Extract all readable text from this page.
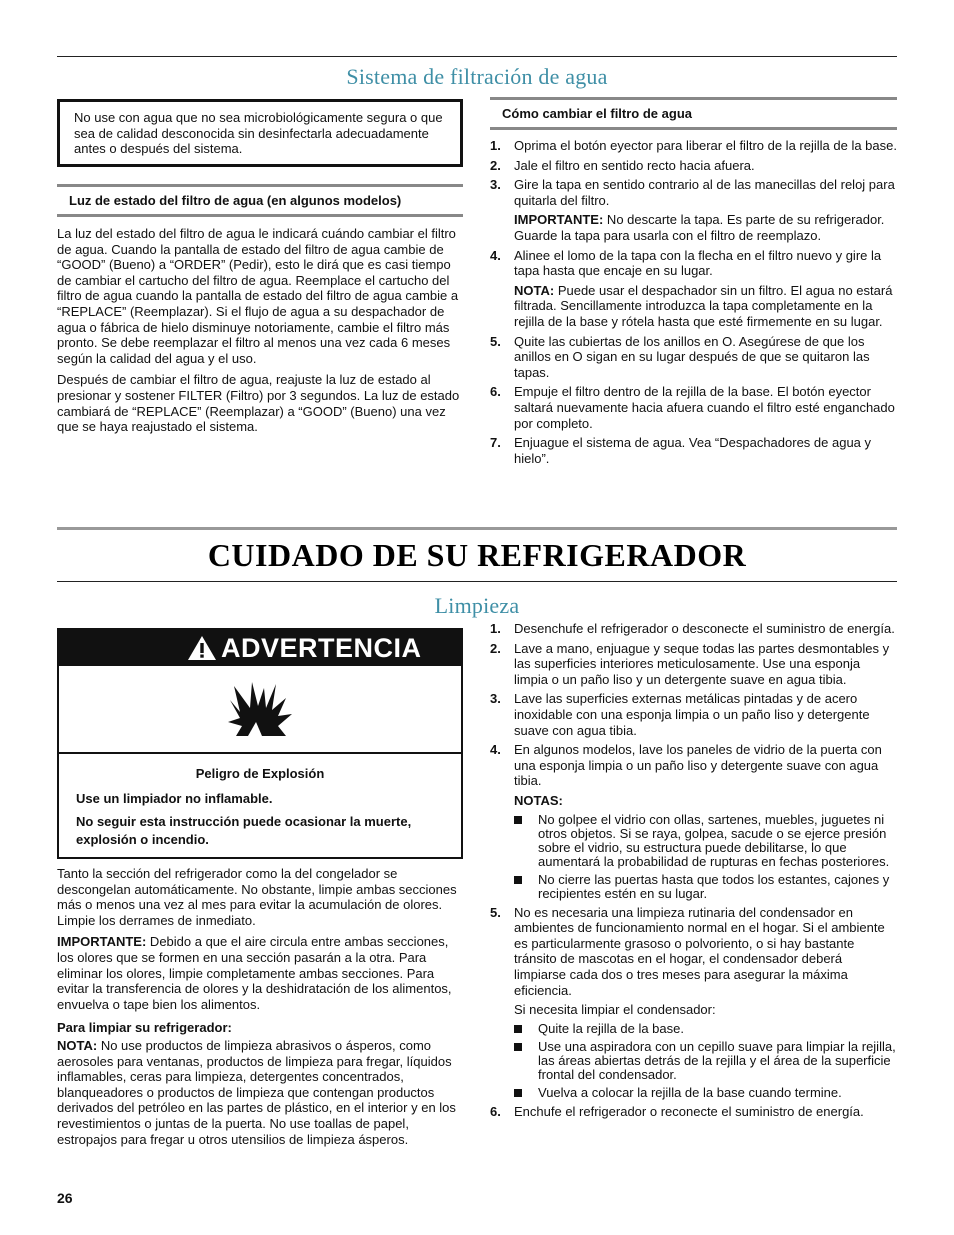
Sistema de filtración de agua
No use con agua que no sea microbiológicamente segura o que sea de calidad desconocida sin desinfectarla adecuadamente antes o después del sistema.
Luz de estado del filtro de agua (en algunos modelos)

La luz del estado del filtro de agua le indicará cuándo cambiar el filtro de agua. Cuando la pantalla de estado del filtro de agua cambie de “GOOD” (Bueno) a “ORDER” (Pedir), esto le dirá que es casi tiempo de cambiar el cartucho del filtro de agua. Reemplace el cartucho del filtro de agua cuando la pantalla de estado del filtro de agua cambie a “REPLACE” (Reemplazar). Si el flujo de agua a su despachador de agua o fábrica de hielo disminuye notoriamente, cambie el filtro más pronto. Se debe reemplazar el filtro al menos una vez cada 6 meses según la calidad del agua y el uso.

Después de cambiar el filtro de agua, reajuste la luz de estado al presionar y sostener FILTER (Filtro) por 3 segundos. La luz de estado cambiará de “REPLACE” (Reemplazar) a “GOOD” (Bueno) una vez que se haya reajustado el sistema.

Cómo cambiar el filtro de agua
1. Oprima el botón eyector para liberar el filtro de la rejilla de la base.
2. Jale el filtro en sentido recto hacia afuera.
3. Gire la tapa en sentido contrario al de las manecillas del reloj para quitarla del filtro.

IMPORTANTE: No descarte la tapa. Es parte de su refrigerador. Guarde la tapa para usarla con el filtro de reemplazo.

4. Alinee el lomo de la tapa con la flecha en el filtro nuevo y gire la tapa hasta que encaje en su lugar.

NOTA: Puede usar el despachador sin un filtro. El agua no estará filtrada. Sencillamente introduzca la tapa completamente en la rejilla de la base y rótela hasta que esté firmemente en su lugar.

5. Quite las cubiertas de los anillos en O. Asegúrese de que los anillos en O sigan en su lugar después de que se quitaron las tapas.
6. Empuje el filtro dentro de la rejilla de la base. El botón eyector saltará nuevamente hacia afuera cuando el filtro esté enganchado por completo.
7. Enjuague el sistema de agua. Vea “Despachadores de agua y hielo”.
CUIDADO DE SU REFRIGERADOR
Limpieza
ADVERTENCIA
Peligro de Explosión
Use un limpiador no inflamable.
No seguir esta instrucción puede ocasionar la muerte, explosión o incendio.

Tanto la sección del refrigerador como la del congelador se descongelan automáticamente. No obstante, limpie ambas secciones más o menos una vez al mes para evitar la acumulación de olores. Limpie los derrames de inmediato.

IMPORTANTE: Debido a que el aire circula entre ambas secciones, los olores que se formen en una sección pasarán a la otra. Para eliminar los olores, limpie completamente ambas secciones. Para evitar la transferencia de olores y la deshidratación de los alimentos, envuelva o tape bien los alimentos.

Para limpiar su refrigerador:

NOTA: No use productos de limpieza abrasivos o ásperos, como aerosoles para ventanas, productos de limpieza para fregar, líquidos inflamables, ceras para limpieza, detergentes concentrados, blanqueadores o productos de limpieza que contengan productos derivados del petróleo en las partes de plástico, en el interior y en los revestimientos o juntas de la puerta. No use toallas de papel, estropajos para fregar u otros utensilios de limpieza ásperos.

1. Desenchufe el refrigerador o desconecte el suministro de energía.
2. Lave a mano, enjuague y seque todas las partes desmontables y las superficies interiores meticulosamente. Use una esponja limpia o un paño liso y un detergente suave en agua tibia.
3. Lave las superficies externas metálicas pintadas y de acero inoxidable con una esponja limpia o un paño liso y detergente suave con agua tibia.
4. En algunos modelos, lave los paneles de vidrio de la puerta con una esponja limpia o un paño liso y detergente suave con agua tibia.

NOTAS:

No golpee el vidrio con ollas, sartenes, muebles, juguetes ni otros objetos. Si se raya, golpea, sacude o se ejerce presión sobre el vidrio, su estructura puede debilitarse, lo que aumentará la probabilidad de rupturas en fechas posteriores.
No cierre las puertas hasta que todos los estantes, cajones y recipientes estén en su lugar.
5. No es necesaria una limpieza rutinaria del condensador en ambientes de funcionamiento normal en el hogar. Si el ambiente es particularmente grasoso o polvoriento, o si hay bastante tránsito de mascotas en el hogar, el condensador deberá limpiarse cada dos o tres meses para asegurar la máxima eficiencia.

Si necesita limpiar el condensador:

Quite la rejilla de la base.
Use una aspiradora con un cepillo suave para limpiar la rejilla, las áreas abiertas detrás de la rejilla y el área de la superficie frontal del condensador.
Vuelva a colocar la rejilla de la base cuando termine.
6. Enchufe el refrigerador o reconecte el suministro de energía.
26
